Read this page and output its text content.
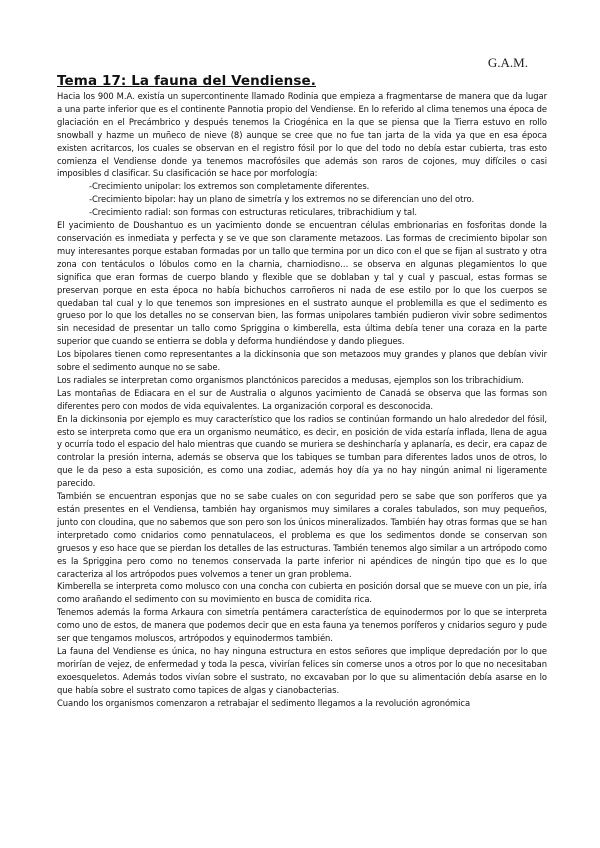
G.A.M.
Tema 17: La fauna del Vendiense.

Hacia los 900 M.A. existía un supercontinente llamado Rodinia que empieza a fragmentarse de manera que da lugar a una parte inferior que es el continente Pannotia propio del Vendiense. En lo referido al clima tenemos una época de glaciación en el Precámbrico y después tenemos la Criogénica en la que se piensa que la Tierra estuvo en rollo snowball y hazme un muñeco de nieve (8) aunque se cree que no fue tan jarta de la vida ya que en esa época existen acritarcos, los cuales se observan en el registro fósil por lo que del todo no debía estar cubierta, tras esto comienza el Vendiense donde ya tenemos macrofósiles que además son raros de cojones, muy difíciles o casi imposibles d clasificar. Su clasificación se hace por morfología:

-Crecimiento unipolar: los extremos son completamente diferentes.

-Crecimiento bipolar: hay un plano de simetría y los extremos no se diferencian uno del otro.

-Crecimiento radial: son formas con estructuras reticulares, tribrachidium y tal.

El yacimiento de Doushantuo es un yacimiento donde se encuentran células embrionarias en fosforitas donde la conservación es inmediata y perfecta y se ve que son claramente metazoos. Las formas de crecimiento bipolar son muy interesantes porque estaban formadas por un tallo que termina por un dico con el que se fijan al sustrato y otra zona con tentáculos o lóbulos como en la charnia, charniodisno… se observa en algunas plegamientos lo que significa que eran formas de cuerpo blando y flexible que se doblaban y tal y cual y pascual, estas formas se preservan porque en esta época no había bichuchos carroñeros ni nada de ese estilo por lo que los cuerpos se quedaban tal cual y lo que tenemos son impresiones en el sustrato aunque el problemilla es que el sedimento es grueso por lo que los detalles no se conservan bien, las formas unipolares también pudieron vivir sobre sedimentos sin necesidad de presentar un tallo como Spriggina o kimberella, esta última debía tener una coraza en la parte superior que cuando se entierra se dobla y deforma hundiéndose y dando pliegues.

Los bipolares tienen como representantes a la dickinsonia que son metazoos muy grandes y planos que debían vivir sobre el sedimento aunque no se sabe.

Los radiales se interpretan como organismos planctónicos parecidos a medusas, ejemplos son los tribrachidium.

Las montañas de Ediacara en el sur de Australia o algunos yacimiento de Canadá se observa que las formas son diferentes pero con modos de vida equivalentes. La organización corporal es desconocida.

En la dickinsonia por ejemplo es muy característico que los radios se continúan formando un halo alrededor del fósil, esto se interpreta como que era un organismo neumático, es decir, en posición de vida estaría inflada, llena de agua y ocurría todo el espacio del halo mientras que cuando se muriera se deshincharía y aplanaría, es decir, era capaz de controlar la presión interna, además se observa que los tabiques se tumban para diferentes lados unos de otros, lo que le da peso a esta suposición, es como una zodiac, además hoy día ya no hay ningún animal ni ligeramente parecido.

También se encuentran esponjas que no se sabe cuales on con seguridad pero se sabe que son poríferos que ya están presentes en el Vendiensa, también hay organismos muy similares a corales tabulados, son muy pequeños, junto con cloudina, que no sabemos que son pero son los únicos mineralizados. También hay otras formas que se han interpretado como cnidarios como pennatulaceos, el problema es que los sedimentos donde se conservan son gruesos y eso hace que se pierdan los detalles de las estructuras. También tenemos algo similar a un artrópodo como es la Spriggina pero como no tenemos conservada la parte inferior ni apéndices de ningún tipo que es lo que caracteriza al los artrópodos pues volvemos a tener un gran problema.

Kimberella se interpreta como molusco con una concha con cubierta en posición dorsal que se mueve con un pie, iría como arañando el sedimento con su movimiento en busca de comidita rica.

Tenemos además la forma Arkaura con simetría pentámera característica de equinodermos por lo que se interpreta como uno de estos, de manera que podemos decir que en esta fauna ya tenemos poríferos y cnidarios seguro y pude ser que tengamos moluscos, artrópodos y equinodermos también.

La fauna del Vendiense es única, no hay ninguna estructura en estos señores que implique depredación por lo que morirían de vejez, de enfermedad y toda la pesca, vivirían felices sin comerse unos a otros por lo que no necesitaban exoesqueletos. Además todos vivían sobre el sustrato, no excavaban por lo que su alimentación debía asarse en lo que había sobre el sustrato como tapices de algas y cianobacterias.

Cuando los organismos comenzaron a retrabajar el sedimento llegamos a la revolución agronómica
